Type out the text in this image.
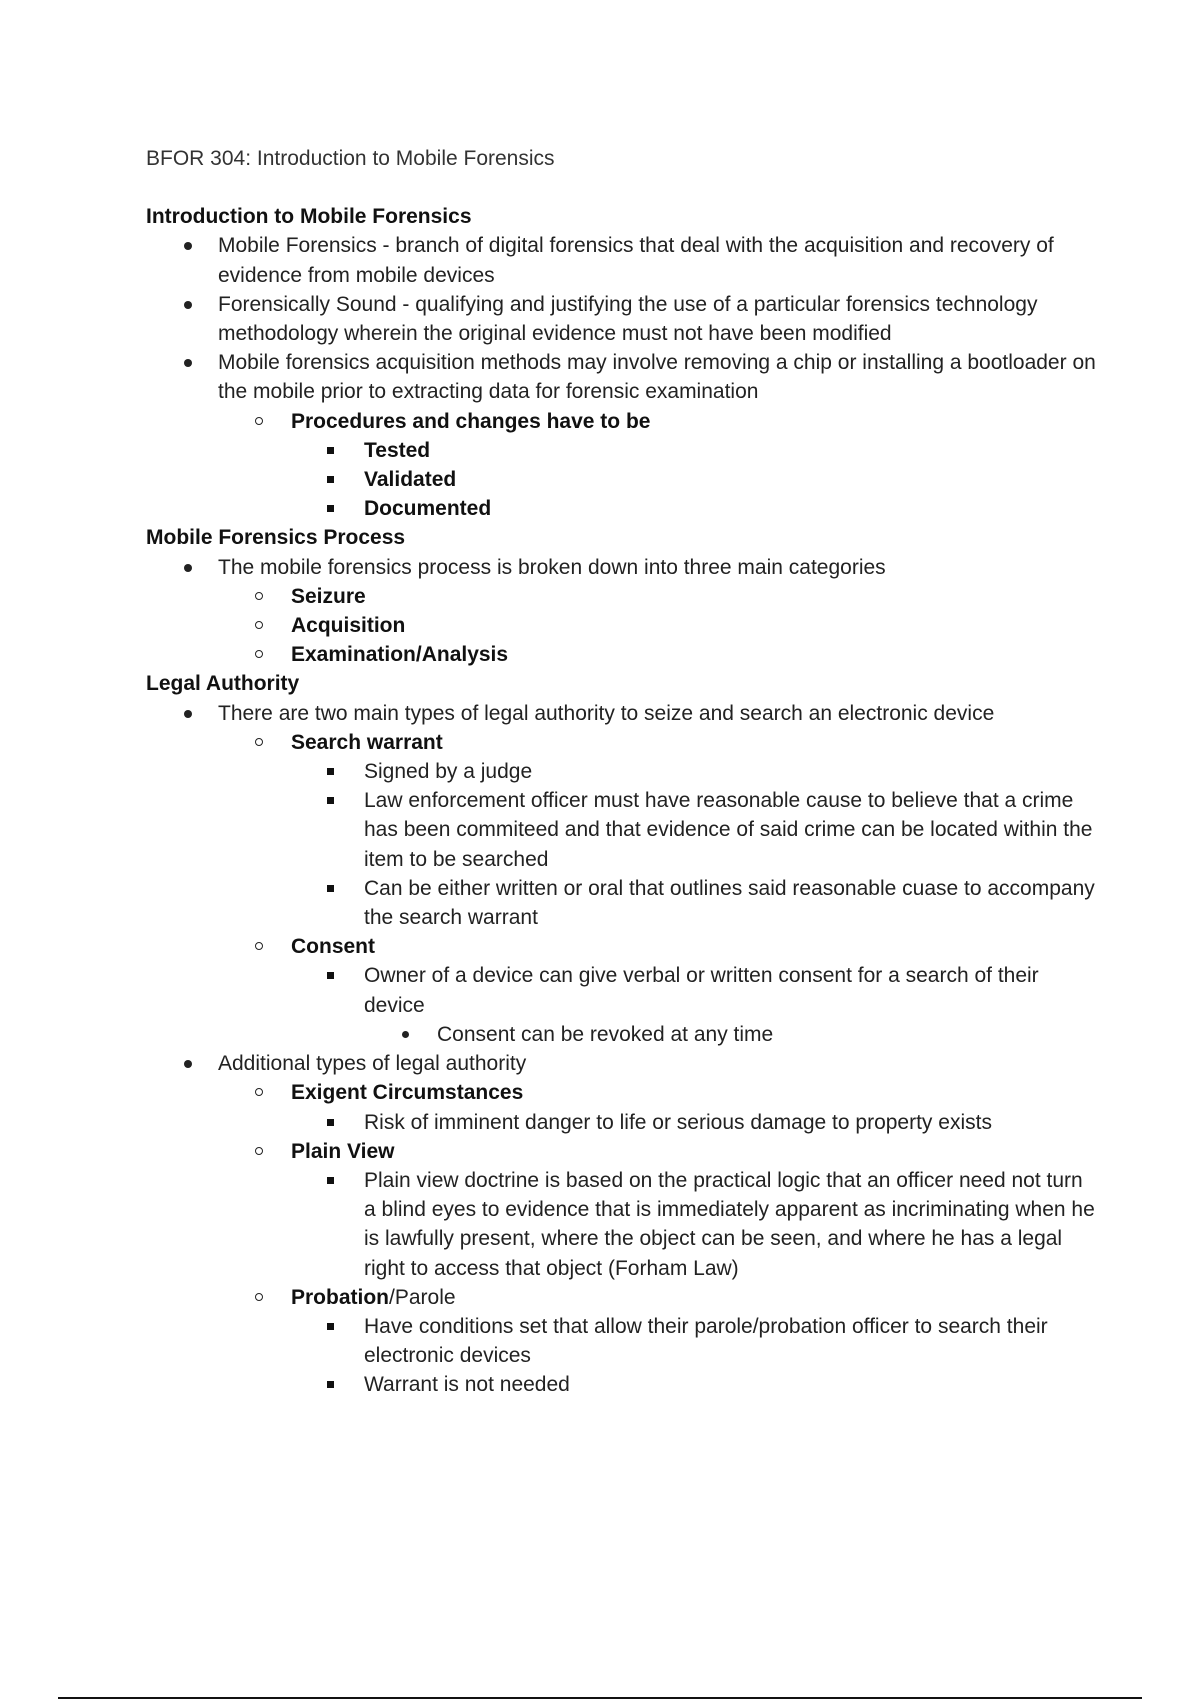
BFOR 304: Introduction to Mobile Forensics
Introduction to Mobile Forensics
Mobile Forensics - branch of digital forensics that deal with the acquisition and recovery of evidence from mobile devices
Forensically Sound - qualifying and justifying the use of a particular forensics technology methodology wherein the original evidence must not have been modified
Mobile forensics acquisition methods may involve removing a chip or installing a bootloader on the mobile prior to extracting data for forensic examination
Procedures and changes have to be
Tested
Validated
Documented
Mobile Forensics Process
The mobile forensics process is broken down into three main categories
Seizure
Acquisition
Examination/Analysis
Legal Authority
There are two main types of legal authority to seize and search an electronic device
Search warrant
Signed by a judge
Law enforcement officer must have reasonable cause to believe that a crime has been commiteed and that evidence of said crime can be located within the item to be searched
Can be either written or oral that outlines said reasonable cuase to accompany the search warrant
Consent
Owner of a device can give verbal or written consent for a search of their device
Consent can be revoked at any time
Additional types of legal authority
Exigent Circumstances
Risk of imminent danger to life or serious damage to property exists
Plain View
Plain view doctrine is based on the practical logic that an officer need not turn a blind eyes to evidence that is immediately apparent as incriminating when he is lawfully present, where the object can be seen, and where he has a legal right to access that object (Forham Law)
Probation/Parole
Have conditions set that allow their parole/probation officer to search their electronic devices
Warrant is not needed
